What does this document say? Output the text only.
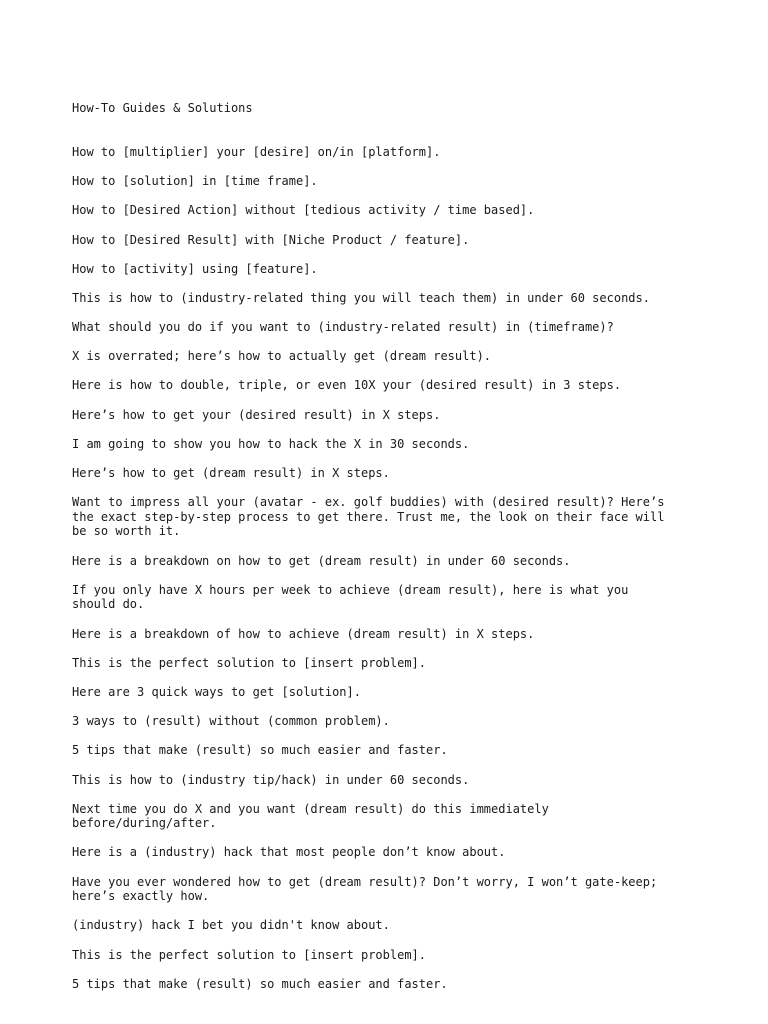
How-To Guides & Solutions

How to [multiplier] your [desire] on/in [platform].
How to [solution] in [time frame].
How to [Desired Action] without [tedious activity / time based].
How to [Desired Result] with [Niche Product / feature].
How to [activity] using [feature].
This is how to (industry-related thing you will teach them) in under 60 seconds.
What should you do if you want to (industry-related result) in (timeframe)?
X is overrated; here’s how to actually get (dream result).
Here is how to double, triple, or even 10X your (desired result) in 3 steps.
Here’s how to get your (desired result) in X steps.
I am going to show you how to hack the X in 30 seconds.
Here’s how to get (dream result) in X steps.
Want to impress all your (avatar - ex. golf buddies) with (desired result)? Here’s
the exact step-by-step process to get there. Trust me, the look on their face will
be so worth it.
Here is a breakdown on how to get (dream result) in under 60 seconds.
If you only have X hours per week to achieve (dream result), here is what you
should do.
Here is a breakdown of how to achieve (dream result) in X steps.
This is the perfect solution to [insert problem].
Here are 3 quick ways to get [solution].
3 ways to (result) without (common problem).
5 tips that make (result) so much easier and faster.
This is how to (industry tip/hack) in under 60 seconds.
Next time you do X and you want (dream result) do this immediately
before/during/after.
Here is a (industry) hack that most people don’t know about.
Have you ever wondered how to get (dream result)? Don’t worry, I won’t gate-keep;
here’s exactly how.
(industry) hack I bet you didn't know about.
This is the perfect solution to [insert problem].
5 tips that make (result) so much easier and faster.
